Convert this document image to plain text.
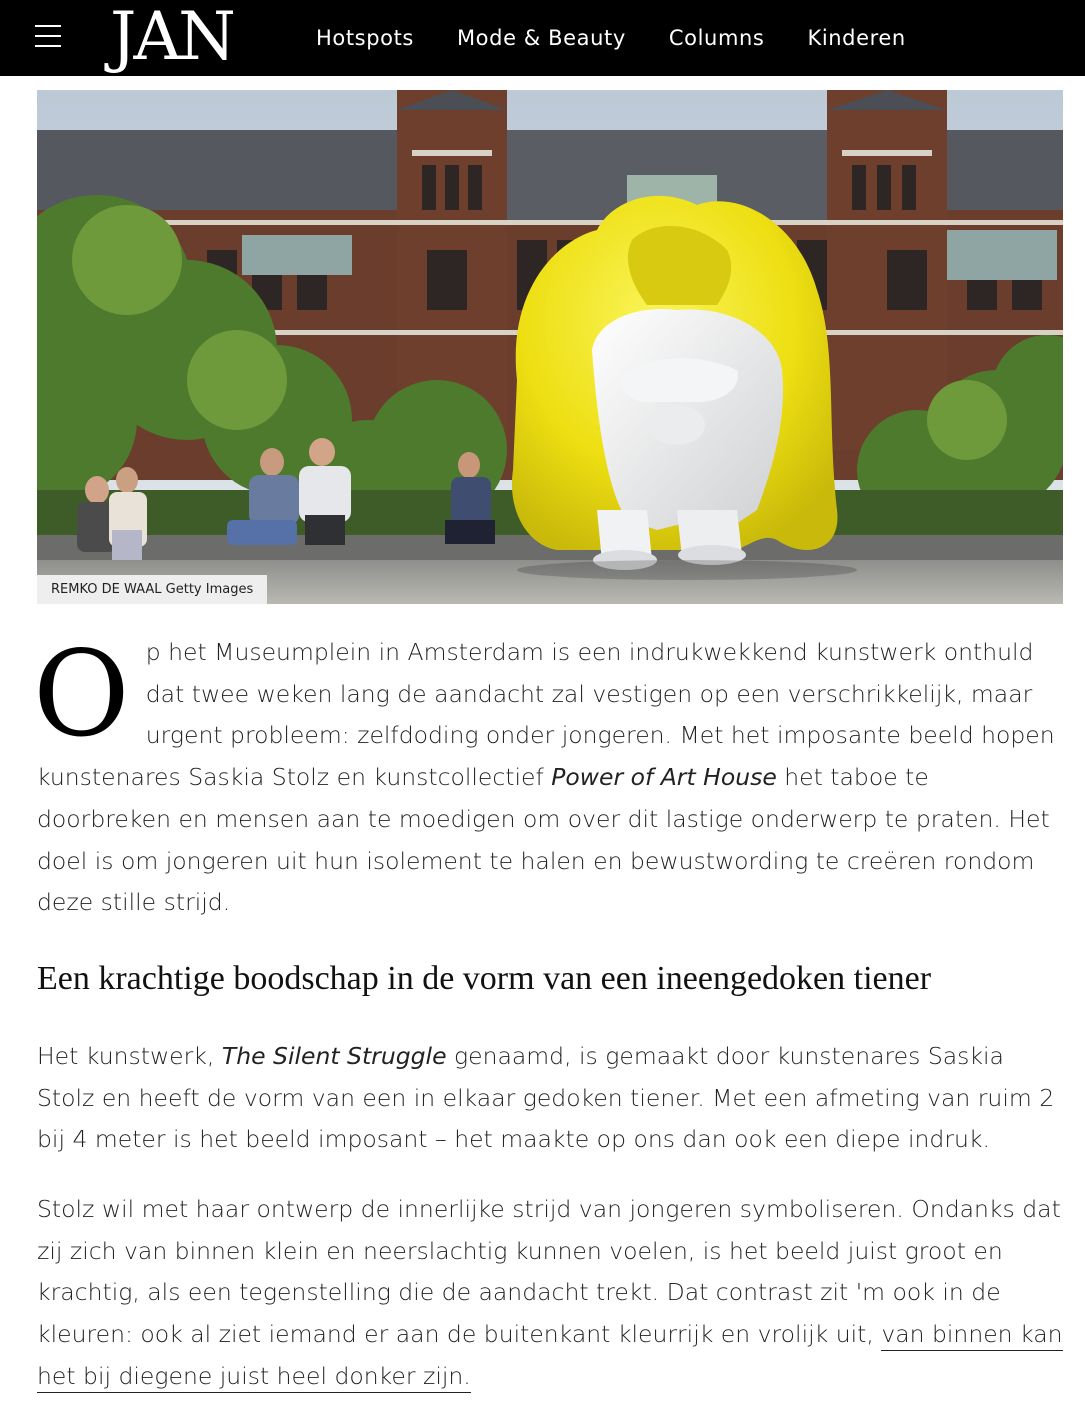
JAN	Hotspots Mode & Beauty Columns Kinderen
REMKO DE WAAL Getty Images

Op het Museumplein in Amsterdam is een indrukwekkend kunstwerk onthuld dat twee weken lang de aandacht zal vestigen op een verschrikkelijk, maar urgent probleem: zelfdoding onder jongeren. Met het imposante beeld hopen kunstenares Saskia Stolz en kunstcollectief Power of Art House het taboe te doorbreken en mensen aan te moedigen om over dit lastige onderwerp te praten. Het doel is om jongeren uit hun isolement te halen en bewustwording te creëren rondom deze stille strijd.

Een krachtige boodschap in de vorm van een ineengedoken tiener

Het kunstwerk, The Silent Struggle genaamd, is gemaakt door kunstenares Saskia Stolz en heeft de vorm van een in elkaar gedoken tiener. Met een afmeting van ruim 2 bij 4 meter is het beeld imposant – het maakte op ons dan ook een diepe indruk.

Stolz wil met haar ontwerp de innerlijke strijd van jongeren symboliseren. Ondanks dat zij zich van binnen klein en neerslachtig kunnen voelen, is het beeld juist groot en krachtig, als een tegenstelling die de aandacht trekt. Dat contrast zit 'm ook in de kleuren: ook al ziet iemand er aan de buitenkant kleurrijk en vrolijk uit, van binnen kan het bij diegene juist heel donker zijn.
